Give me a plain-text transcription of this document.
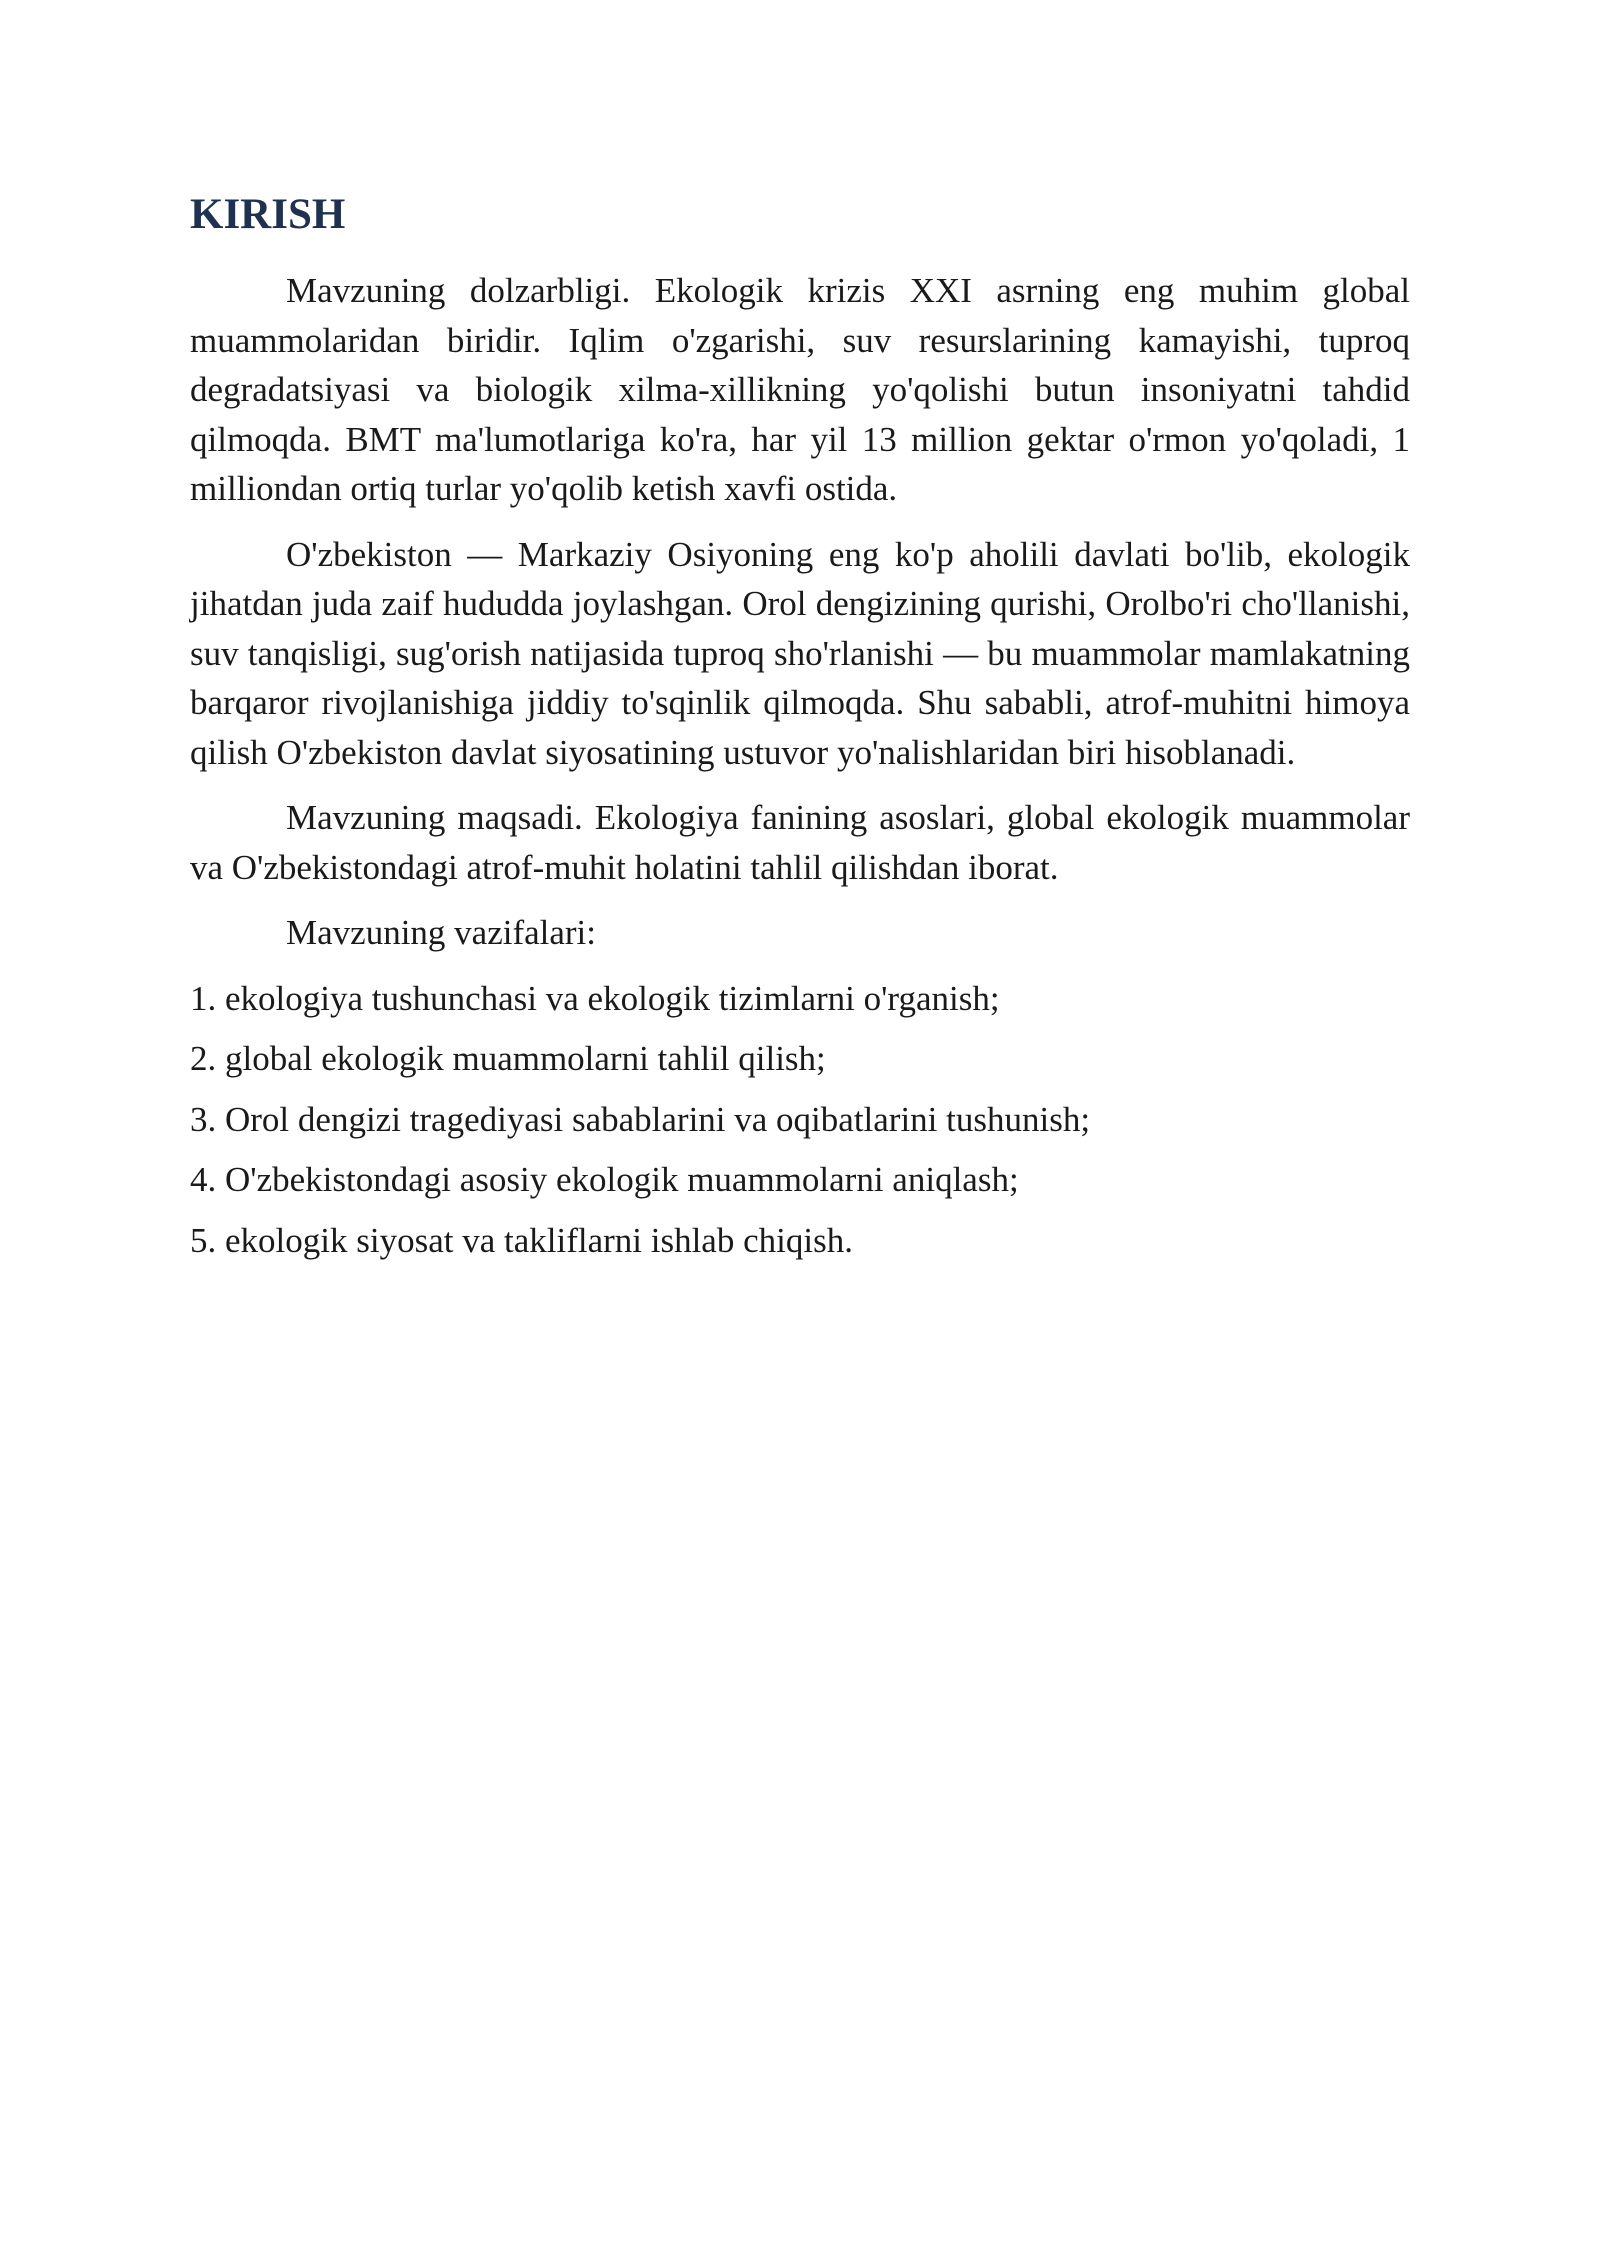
KIRISH

Mavzuning dolzarbligi. Ekologik krizis XXI asrning eng muhim global muammolaridan biridir. Iqlim o'zgarishi, suv resurslarining kamayishi, tuproq degradatsiyasi va biologik xilma-xillikning yo'qolishi butun insoniyatni tahdid qilmoqda. BMT ma'lumotlariga ko'ra, har yil 13 million gektar o'rmon yo'qoladi, 1 milliondan ortiq turlar yo'qolib ketish xavfi ostida.

O'zbekiston — Markaziy Osiyoning eng ko'p aholili davlati bo'lib, ekologik jihatdan juda zaif hududda joylashgan. Orol dengizining qurishi, Orolbo'ri cho'llanishi, suv tanqisligi, sug'orish natijasida tuproq sho'rlanishi — bu muammolar mamlakatning barqaror rivojlanishiga jiddiy to'sqinlik qilmoqda. Shu sababli, atrof-muhitni himoya qilish O'zbekiston davlat siyosatining ustuvor yo'nalishlaridan biri hisoblanadi.

Mavzuning maqsadi. Ekologiya fanining asoslari, global ekologik muammolar va O'zbekistondagi atrof-muhit holatini tahlil qilishdan iborat.

Mavzuning vazifalari:

1. ekologiya tushunchasi va ekologik tizimlarni o'rganish;
2. global ekologik muammolarni tahlil qilish;
3. Orol dengizi tragediyasi sabablarini va oqibatlarini tushunish;
4. O'zbekistondagi asosiy ekologik muammolarni aniqlash;
5. ekologik siyosat va takliflarni ishlab chiqish.
